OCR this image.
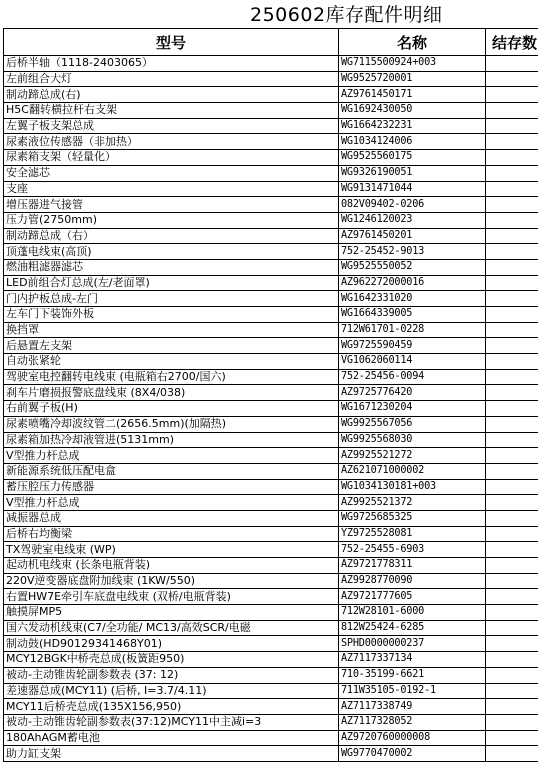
250602库存配件明细
型号	名称	结存数
后桥半轴（1118-2403065）	WG7115500924+003	
左前组合大灯	WG9525720001	
制动蹄总成(右)	AZ9761450171	
H5C翻转横拉杆右支架	WG1692430050	
左翼子板支架总成	WG1664232231	
尿素液位传感器（非加热）	WG1034124006	
尿素箱支架（轻量化）	WG9525560175	
安全滤芯	WG9326190051	
支座	WG9131471044	
增压器进气接管	082V09402-0206	
压力管(2750mm)	WG1246120023	
制动蹄总成（右）	AZ9761450201	
顶蓬电线束(高顶)	752-25452-9013	
燃油粗滤器滤芯	WG9525550052	
LED前组合灯总成(左/老面罩)	AZ962272000016	
门内护板总成-左门	WG1642331020	
左车门下装饰外板	WG1664339005	
换挡罩	712W61701-0228	
后悬置左支架	WG9725590459	
自动张紧轮	VG1062060114	
驾驶室电控翻转电线束 (电瓶箱右2700/国六)	752-25456-0094	
刹车片磨损报警底盘线束 (8X4/038)	AZ9725776420	
右前翼子板(H)	WG1671230204	
尿素喷嘴冷却波纹管二(2656.5mm)(加隔热)	WG9925567056	
尿素箱加热冷却液管进(5131mm)	WG9925568030	
V型推力杆总成	AZ9925521272	
新能源系统低压配电盒	AZ621071000002	
蓄压腔压力传感器	WG1034130181+003	
V型推力杆总成	AZ9925521372	
减振器总成	WG9725685325	
后桥右均衡梁	YZ9725528081	
TX驾驶室电线束 (WP)	752-25455-6903	
起动机电线束 (长条电瓶背装)	AZ9721778311	
220V逆变器底盘附加线束 (1KW/550)	AZ9928770090	
右置HW7E牵引车底盘电线束 (双桥/电瓶背装)	AZ9721777605	
触摸屏MP5	712W28101-6000	
国六发动机线束(C7/全功能/ MC13/高效SCR/电磁	812W25424-6285	
制动鼓(HD90129341468Y01)	SPHD0000000237	
MCY12BGK中桥壳总成(板簧距950)	AZ7117337134	
被动-主动锥齿轮副参数表 (37: 12)	710-35199-6621	
差速器总成(MCY11) (后桥, I=3.7/4.11)	711W35105-0192-1	
MCY11后桥壳总成(135X156,950)	AZ7117338749	
被动-主动锥齿轮副参数表(37:12)MCY11中主减i=3	AZ7117328052	
180AhAGM蓄电池	AZ9720760000008	
助力缸支架	WG9770470002	
